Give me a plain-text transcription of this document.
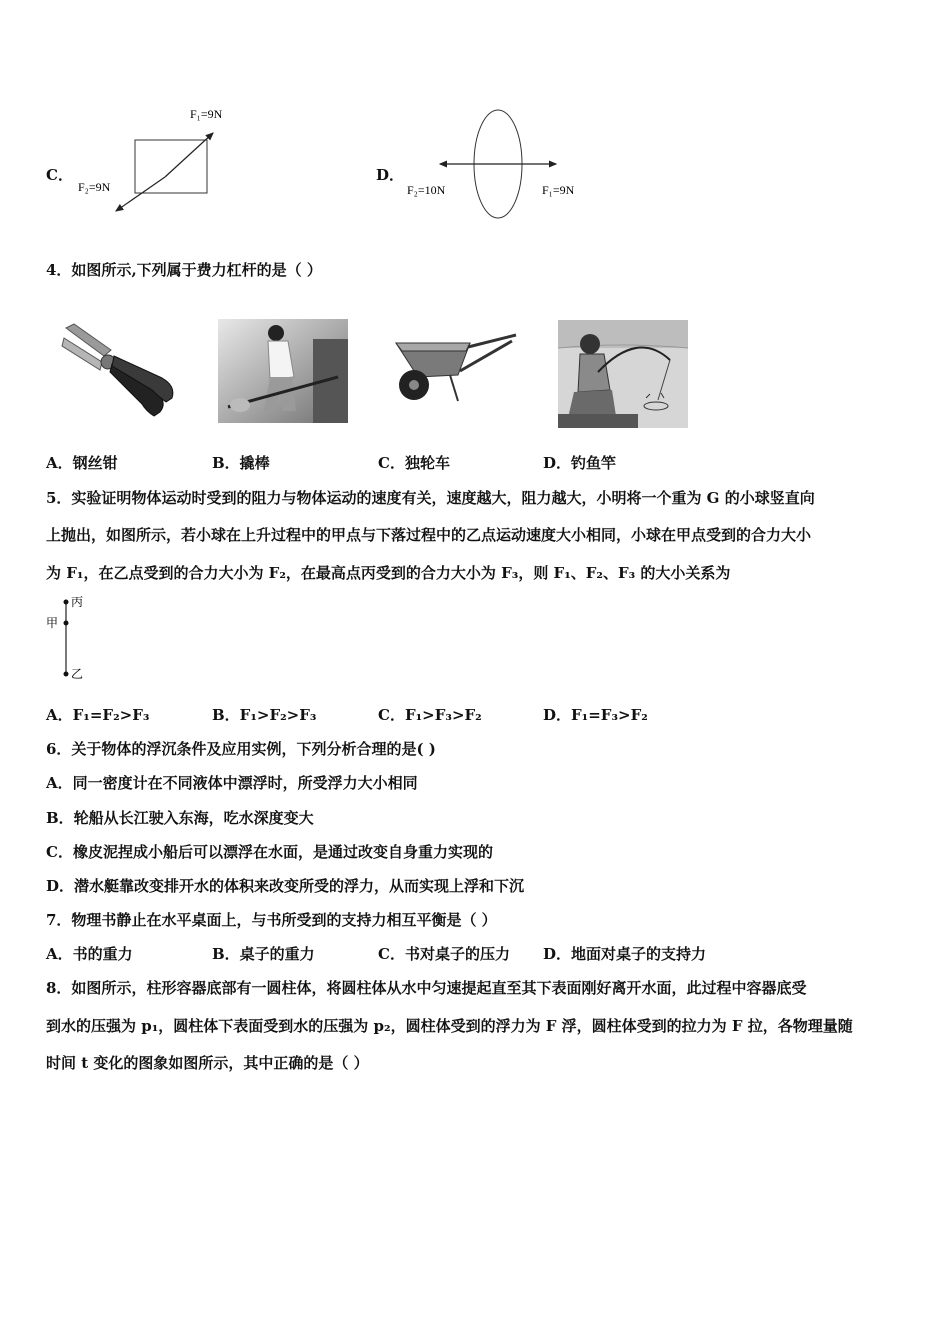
C．
F₁=9N
F₂=9N
D．
F₂=10N	F₁=9N
4．如图所示,下列属于费力杠杆的是（ ）
A．钢丝钳	B．撬棒	C．独轮车	D．钓鱼竿
5．实验证明物体运动时受到的阻力与物体运动的速度有关，速度越大，阻力越大，小明将一个重为 G 的小球竖直向
上抛出，如图所示，若小球在上升过程中的甲点与下落过程中的乙点运动速度大小相同，小球在甲点受到的合力大小
为 F₁，在乙点受到的合力大小为 F₂，在最高点丙受到的合力大小为 F₃，则 F₁、F₂、F₃ 的大小关系为
丙
甲
乙
A．F₁=F₂>F₃	B．F₁>F₂>F₃	C．F₁>F₃>F₂	D．F₁=F₃>F₂
6．关于物体的浮沉条件及应用实例，下列分析合理的是( )
A．同一密度计在不同液体中漂浮时，所受浮力大小相同
B．轮船从长江驶入东海，吃水深度变大
C．橡皮泥捏成小船后可以漂浮在水面，是通过改变自身重力实现的
D．潜水艇靠改变排开水的体积来改变所受的浮力，从而实现上浮和下沉
7．物理书静止在水平桌面上，与书所受到的支持力相互平衡是（ ）
A．书的重力	B．桌子的重力	C．书对桌子的压力 D．地面对桌子的支持力
8．如图所示，柱形容器底部有一圆柱体，将圆柱体从水中匀速提起直至其下表面刚好离开水面，此过程中容器底受
到水的压强为 p₁，圆柱体下表面受到水的压强为 p₂，圆柱体受到的浮力为 F 浮，圆柱体受到的拉力为 F 拉，各物理量随
时间 t 变化的图象如图所示，其中正确的是（ ）
